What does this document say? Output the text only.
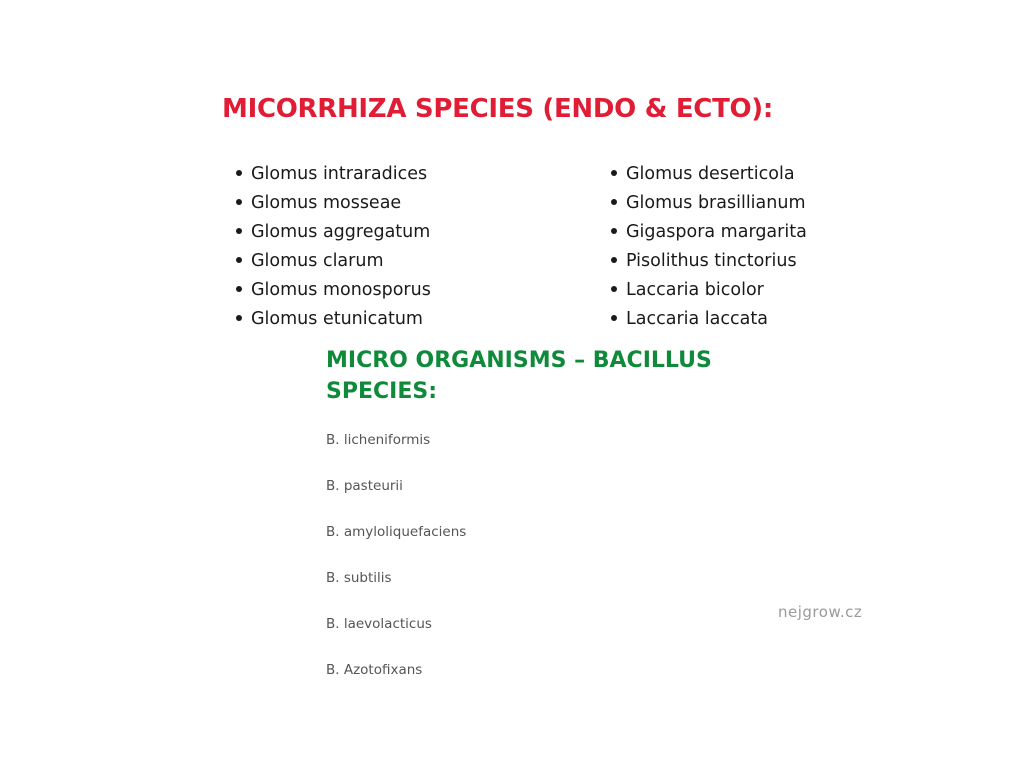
MICORRHIZA SPECIES (ENDO & ECTO):
Glomus intraradices
Glomus mosseae
Glomus aggregatum
Glomus clarum
Glomus monosporus
Glomus etunicatum
Glomus deserticola
Glomus brasillianum
Gigaspora margarita
Pisolithus tinctorius
Laccaria bicolor
Laccaria laccata
MICRO ORGANISMS – BACILLUS SPECIES:
B. licheniformis
B. pasteurii
B. amyloliquefaciens
B. subtilis
B. laevolacticus
B. Azotofixans
nejgrow.cz
